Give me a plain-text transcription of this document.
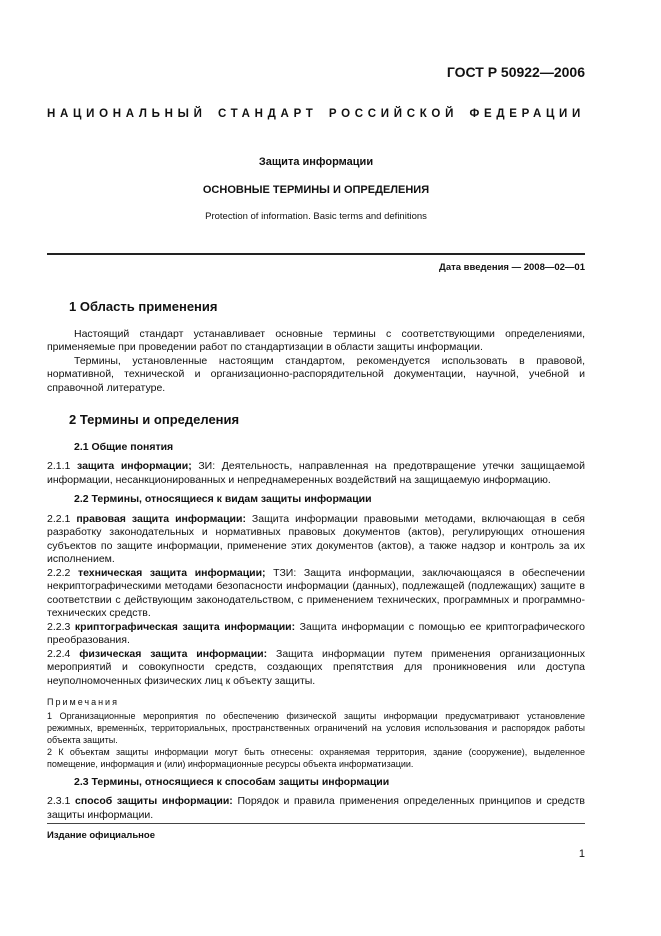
ГОСТ Р 50922—2006
НАЦИОНАЛЬНЫЙ СТАНДАРТ РОССИЙСКОЙ ФЕДЕРАЦИИ
Защита информации
ОСНОВНЫЕ ТЕРМИНЫ И ОПРЕДЕЛЕНИЯ
Protection of information. Basic terms and definitions
Дата введения — 2008—02—01
1 Область применения

Настоящий стандарт устанавливает основные термины с соответствующими определениями, применяемые при проведении работ по стандартизации в области защиты информации.

Термины, установленные настоящим стандартом, рекомендуется использовать в правовой, нормативной, технической и организационно-распорядительной документации, научной, учебной и справочной литературе.

2 Термины и определения
2.1 Общие понятия

2.1.1 защита информации; ЗИ: Деятельность, направленная на предотвращение утечки защищаемой информации, несанкционированных и непреднамеренных воздействий на защищаемую информацию.

2.2 Термины, относящиеся к видам защиты информации

2.2.1 правовая защита информации: Защита информации правовыми методами, включающая в себя разработку законодательных и нормативных правовых документов (актов), регулирующих отношения субъектов по защите информации, применение этих документов (актов), а также надзор и контроль за их исполнением.

2.2.2 техническая защита информации; ТЗИ: Защита информации, заключающаяся в обеспечении некриптографическими методами безопасности информации (данных), подлежащей (подлежащих) защите в соответствии с действующим законодательством, с применением технических, программных и программно-технических средств.

2.2.3 криптографическая защита информации: Защита информации с помощью ее криптографического преобразования.

2.2.4 физическая защита информации: Защита информации путем применения организационных мероприятий и совокупности средств, создающих препятствия для проникновения или доступа неуполномоченных физических лиц к объекту защиты.

Примечания

1 Организационные мероприятия по обеспечению физической защиты информации предусматривают установление режимных, временны́х, территориальных, пространственных ограничений на условия использования и распорядок работы объекта защиты.

2 К объектам защиты информации могут быть отнесены: охраняемая территория, здание (сооружение), выделенное помещение, информация и (или) информационные ресурсы объекта информатизации.

2.3 Термины, относящиеся к способам защиты информации

2.3.1 способ защиты информации: Порядок и правила применения определенных принципов и средств защиты информации.

Издание официальное
1
